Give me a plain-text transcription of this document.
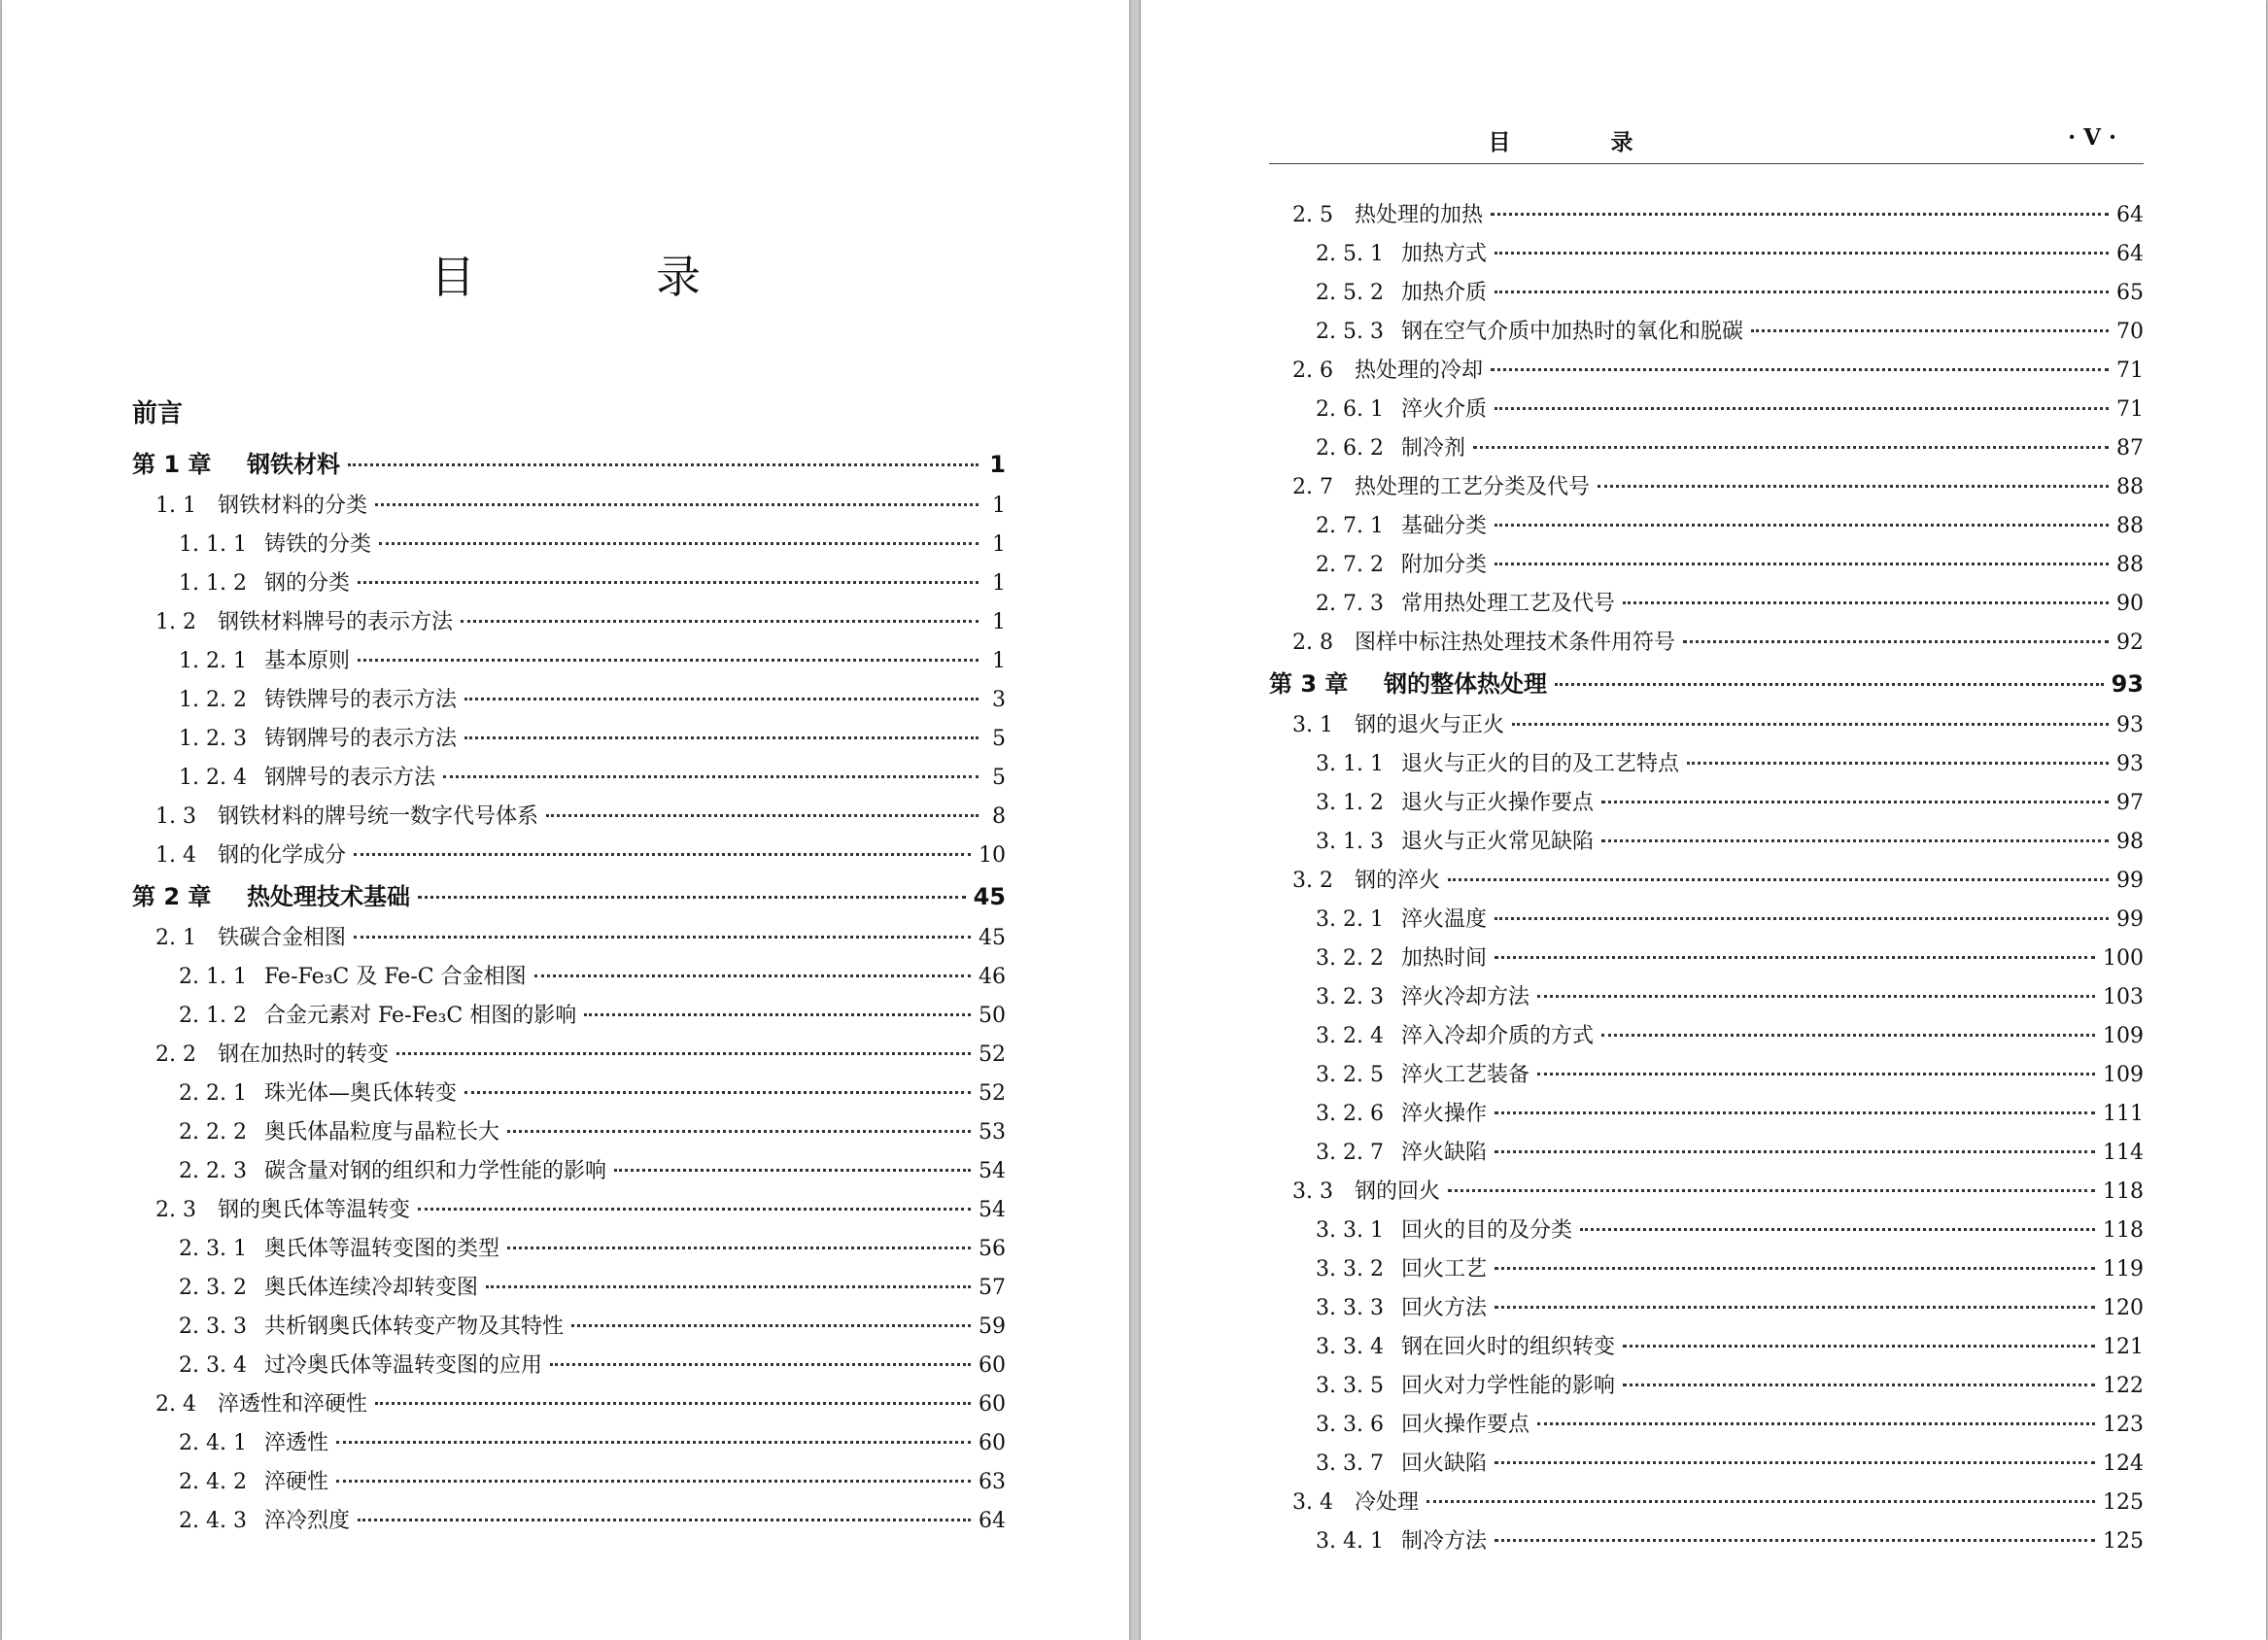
目　录
前言
第 1 章	钢铁材料	1
1. 1	钢铁材料的分类	1
1. 1. 1 铸铁的分类	1
1. 1. 2 钢的分类	1
1. 2	钢铁材料牌号的表示方法	1
1. 2. 1 基本原则	1
1. 2. 2 铸铁牌号的表示方法	3
1. 2. 3 铸钢牌号的表示方法	5
1. 2. 4 钢牌号的表示方法	5
1. 3	钢铁材料的牌号统一数字代号体系	8
1. 4	钢的化学成分	10
第 2 章	热处理技术基础	45
2. 1	铁碳合金相图	45
2. 1. 1 Fe-Fe₃C 及 Fe-C 合金相图	46
2. 1. 2 合金元素对 Fe-Fe₃C 相图的影响	50
2. 2	钢在加热时的转变	52
2. 2. 1 珠光体—奥氏体转变	52
2. 2. 2 奥氏体晶粒度与晶粒长大	53
2. 2. 3 碳含量对钢的组织和力学性能的影响	54
2. 3	钢的奥氏体等温转变	54
2. 3. 1 奥氏体等温转变图的类型	56
2. 3. 2 奥氏体连续冷却转变图	57
2. 3. 3 共析钢奥氏体转变产物及其特性	59
2. 3. 4 过冷奥氏体等温转变图的应用	60
2. 4	淬透性和淬硬性	60
2. 4. 1 淬透性	60
2. 4. 2 淬硬性	63
2. 4. 3 淬冷烈度	64
目　录	· V ·
2. 5	热处理的加热	64
2. 5. 1 加热方式	64
2. 5. 2 加热介质	65
2. 5. 3 钢在空气介质中加热时的氧化和脱碳	70
2. 6	热处理的冷却	71
2. 6. 1 淬火介质	71
2. 6. 2 制冷剂	87
2. 7	热处理的工艺分类及代号	88
2. 7. 1 基础分类	88
2. 7. 2 附加分类	88
2. 7. 3 常用热处理工艺及代号	90
2. 8	图样中标注热处理技术条件用符号	92
第 3 章	钢的整体热处理	93
3. 1	钢的退火与正火	93
3. 1. 1 退火与正火的目的及工艺特点	93
3. 1. 2 退火与正火操作要点	97
3. 1. 3 退火与正火常见缺陷	98
3. 2	钢的淬火	99
3. 2. 1 淬火温度	99
3. 2. 2 加热时间	100
3. 2. 3 淬火冷却方法	103
3. 2. 4 淬入冷却介质的方式	109
3. 2. 5 淬火工艺装备	109
3. 2. 6 淬火操作	111
3. 2. 7 淬火缺陷	114
3. 3	钢的回火	118
3. 3. 1 回火的目的及分类	118
3. 3. 2 回火工艺	119
3. 3. 3 回火方法	120
3. 3. 4 钢在回火时的组织转变	121
3. 3. 5 回火对力学性能的影响	122
3. 3. 6 回火操作要点	123
3. 3. 7 回火缺陷	124
3. 4	冷处理	125
3. 4. 1 制冷方法	125
